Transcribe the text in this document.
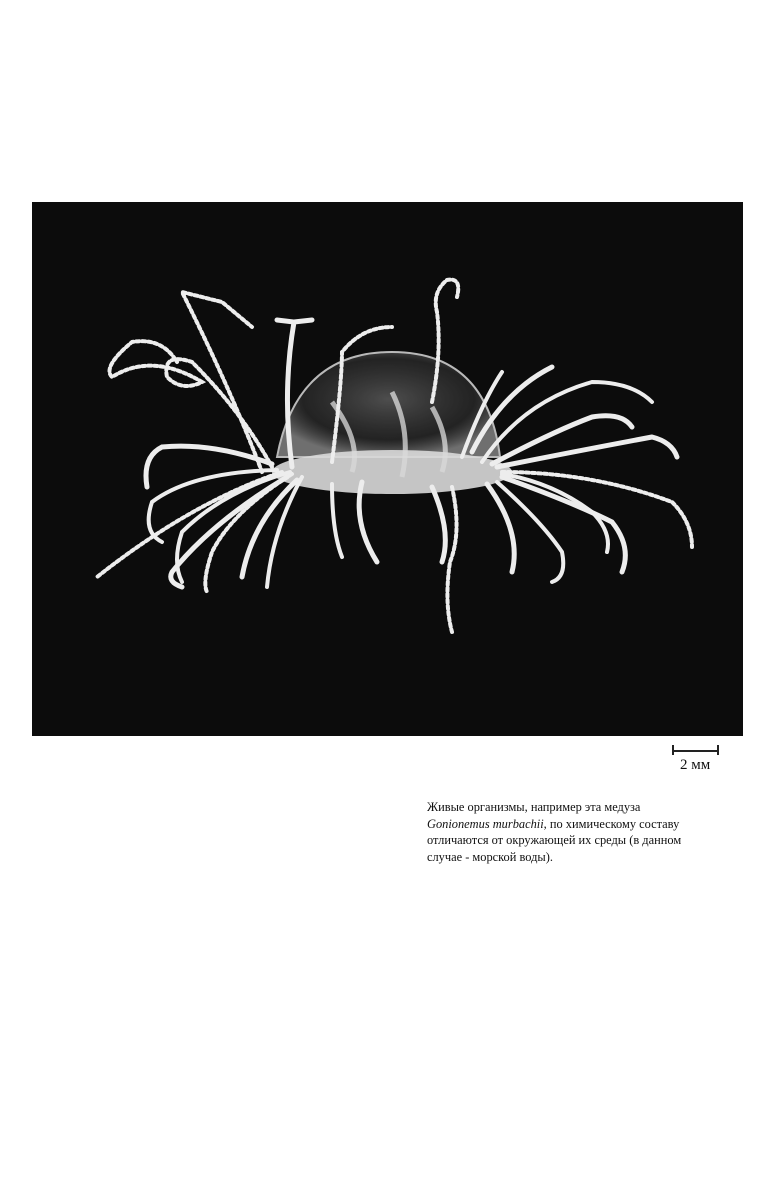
2 мм
Живые организмы, например эта медуза
Gonionemus murbachii, по химическому составу
отличаются от окружающей их среды (в данном
случае - морской воды).
